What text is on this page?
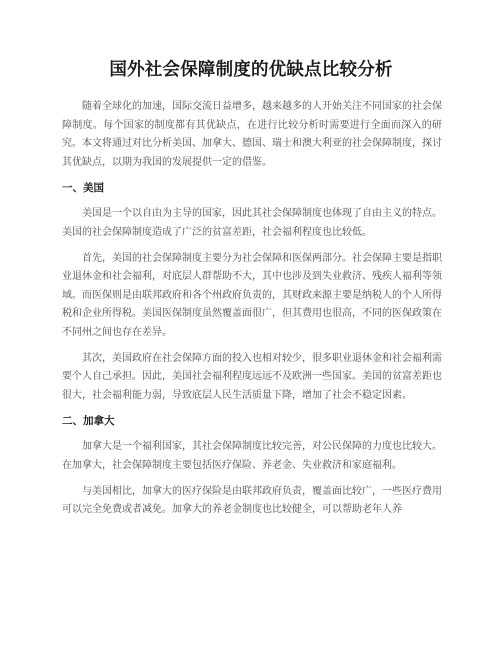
国外社会保障制度的优缺点比较分析

随着全球化的加速，国际交流日益增多，越来越多的人开始关注不同国家的社会保障制度。每个国家的制度都有其优缺点，在进行比较分析时需要进行全面而深入的研究。本文将通过对比分析美国、加拿大、德国、瑞士和澳大利亚的社会保障制度，探讨其优缺点，以期为我国的发展提供一定的借鉴。

一、美国

美国是一个以自由为主导的国家，因此其社会保障制度也体现了自由主义的特点。美国的社会保障制度造成了广泛的贫富差距，社会福利程度也比较低。

首先，美国的社会保障制度主要分为社会保障和医保两部分。社会保障主要是指职业退休金和社会福利，对底层人群帮助不大，其中也涉及到失业救济、残疾人福利等领域。而医保则是由联邦政府和各个州政府负责的，其财政来源主要是纳税人的个人所得税和企业所得税。美国医保制度虽然覆盖面很广，但其费用也很高，不同的医保政策在不同州之间也存在差异。

其次，美国政府在社会保障方面的投入也相对较少，很多职业退休金和社会福利需要个人自己承担。因此，美国社会福利程度远远不及欧洲一些国家。美国的贫富差距也很大，社会福利能力弱，导致底层人民生活质量下降，增加了社会不稳定因素。

二、加拿大

加拿大是一个福利国家，其社会保障制度比较完善，对公民保障的力度也比较大。在加拿大，社会保障制度主要包括医疗保险、养老金、失业救济和家庭福利。

与美国相比，加拿大的医疗保险是由联邦政府负责，覆盖面比较广，一些医疗费用可以完全免费或者减免。加拿大的养老金制度也比较健全，可以帮助老年人养
